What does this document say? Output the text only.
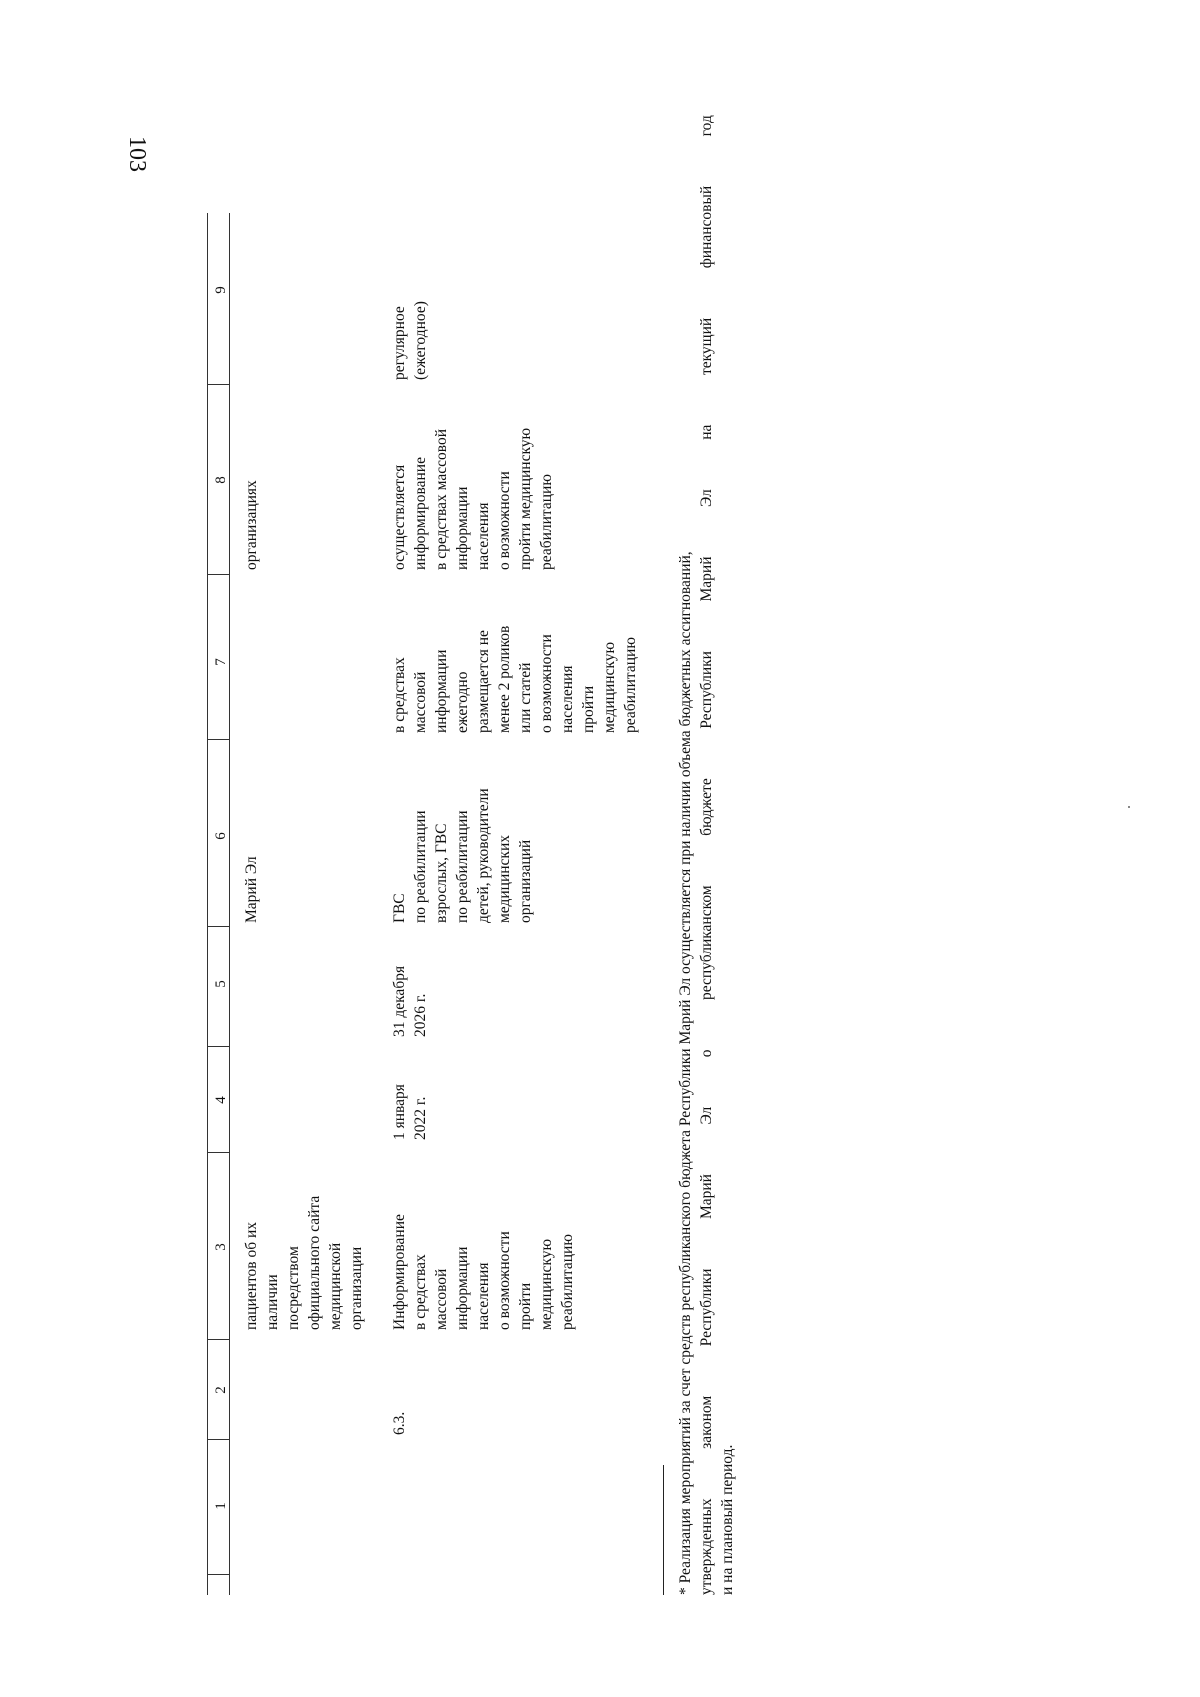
103
1
2
3
4
5
6
7
8
9
пациентов об их
наличии
посредством
официального сайта
медицинской
организации
Марий Эл
организациях
6.3.
Информирование
в средствах
массовой
информации
населения
о возможности
пройти
медицинскую
реабилитацию
1 января
2022 г.
31 декабря
2026 г.
ГВС
по реабилитации
взрослых, ГВС
по реабилитации
детей, руководители
медицинских
организаций
в средствах
массовой
информации
ежегодно
размещается не
менее 2 роликов
или статей
о возможности
населения
пройти
медицинскую
реабилитацию
осуществляется
информирование
в средствах массовой
информации
населения
о возможности
пройти медицинскую
реабилитацию
регулярное
(ежегодное)
* Реализация мероприятий за счет средств республиканского бюджета Республики Марий Эл осуществляется при наличии объема бюджетных ассигнований, утвержденных
законом
Республики
Марий
Эл
о
республиканском
бюджете
Республики
Марий
Эл
на
текущий
финансовый
год
и на плановый период.
